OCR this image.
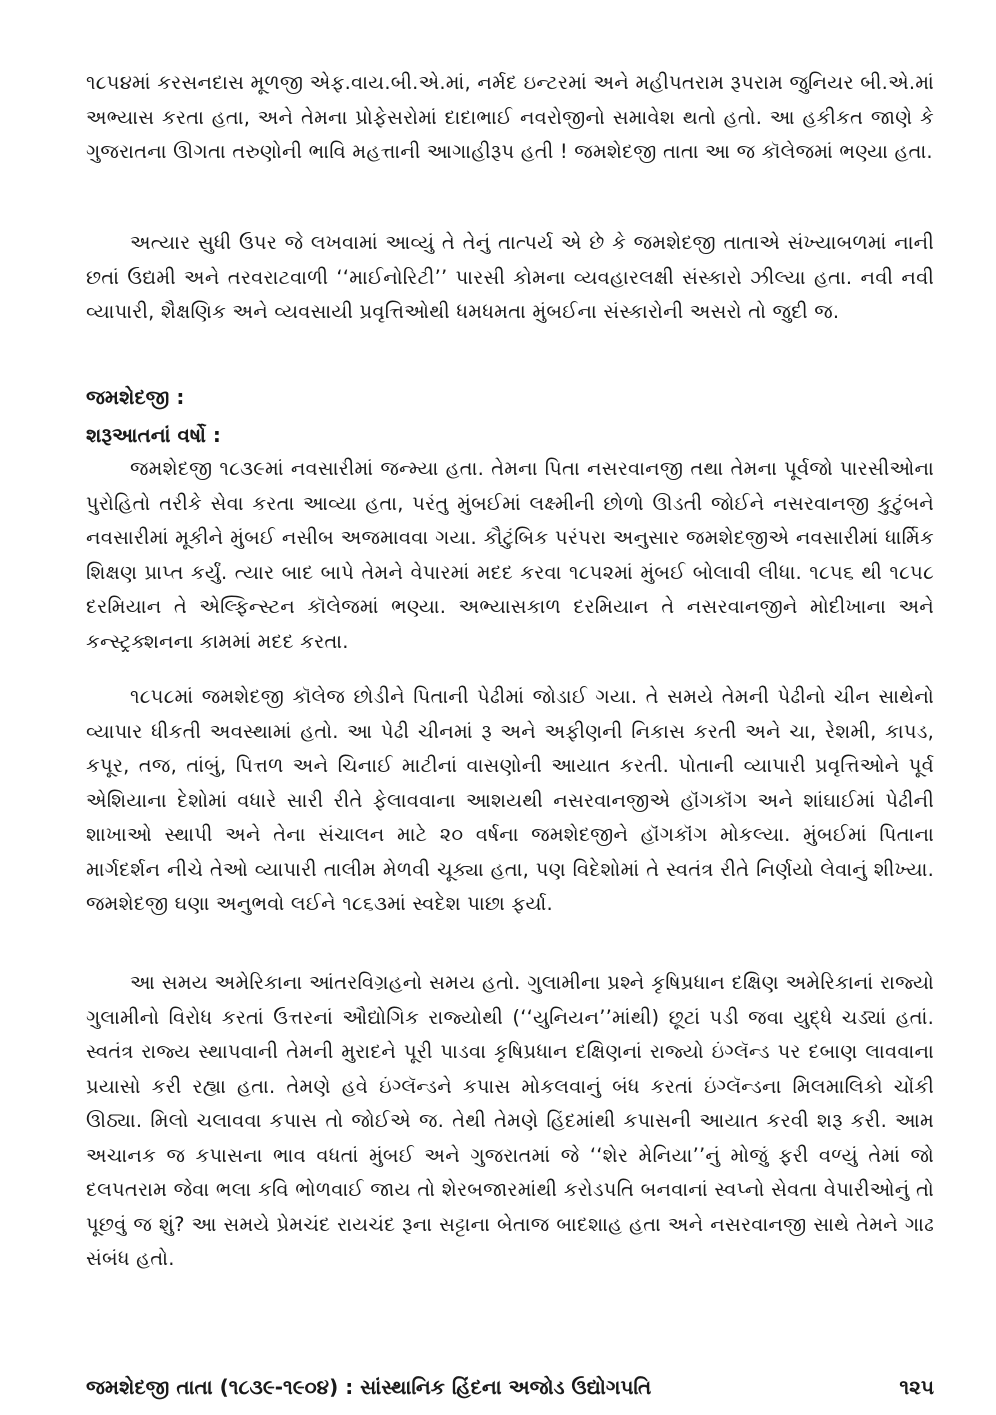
૧૮૫૪માં કરસનદાસ મૂળજી એફ.વાય.બી.એ.માં, નર્મદ ઇન્ટરમાં અને મહીપતરામ રૂપરામ જુનિયર બી.એ.માં અભ્યાસ કરતા હતા, અને તેમના પ્રોફેસરોમાં દાદાભાઈ નવરોજીનો સમાવેશ થતો હતો. આ હકીકત જાણે કે ગુજરાતના ઊગતા તરુણોની ભાવિ મહત્તાની આગાહીરૂપ હતી ! જમશેદજી તાતા આ જ કૉલેજમાં ભણ્યા હતા.

અત્યાર સુધી ઉપર જે લખવામાં આવ્યું તે તેનું તાત્પર્ય એ છે કે જમશેદજી તાતાએ સંખ્યાબળમાં નાની છતાં ઉદ્યમી અને તરવરાટવાળી ‘‘માઈનોરિટી’’ પારસી કોમના વ્યવહારલક્ષી સંસ્કારો ઝીલ્યા હતા. નવી નવી વ્યાપારી, શૈક્ષણિક અને વ્યવસાયી પ્રવૃત્તિઓથી ધમધમતા મુંબઈના સંસ્કારોની અસરો તો જુદી જ.

જમશેદજી :
શરૂઆતનાં વર્ષો :

જમશેદજી ૧૮૩૯માં નવસારીમાં જન્મ્યા હતા. તેમના પિતા નસરવાનજી તથા તેમના પૂર્વજો પારસીઓના પુરોહિતો તરીકે સેવા કરતા આવ્યા હતા, પરંતુ મુંબઈમાં લક્ષ્મીની છોળો ઊડતી જોઈને નસરવાનજી કુટુંબને નવસારીમાં મૂકીને મુંબઈ નસીબ અજમાવવા ગયા. કૌટુંબિક પરંપરા અનુસાર જમશેદજીએ નવસારીમાં ધાર્મિક શિક્ષણ પ્રાપ્ત કર્યું. ત્યાર બાદ બાપે તેમને વેપારમાં મદદ કરવા ૧૮૫૨માં મુંબઈ બોલાવી લીધા. ૧૮૫૬ થી ૧૮૫૮ દરમિયાન તે એલ્ફિન્સ્ટન કૉલેજમાં ભણ્યા. અભ્યાસકાળ દરમિયાન તે નસરવાનજીને મોદીખાના અને કન્સ્ટ્રક્શનના કામમાં મદદ કરતા.

૧૮૫૮માં જમશેદજી કૉલેજ છોડીને પિતાની પેઢીમાં જોડાઈ ગયા. તે સમયે તેમની પેઢીનો ચીન સાથેનો વ્યાપાર ધીકતી અવસ્થામાં હતો. આ પેઢી ચીનમાં રૂ અને અફીણની નિકાસ કરતી અને ચા, રેશમી, કાપડ, કપૂર, તજ, તાંબું, પિત્તળ અને ચિનાઈ માટીનાં વાસણોની આયાત કરતી. પોતાની વ્યાપારી પ્રવૃત્તિઓને પૂર્વ એશિયાના દેશોમાં વધારે સારી રીતે ફેલાવવાના આશયથી નસરવાનજીએ હૉંગકૉંગ અને શાંઘાઈમાં પેઢીની શાખાઓ સ્થાપી અને તેના સંચાલન માટે ૨૦ વર્ષના જમશેદજીને હૉંગકૉંગ મોકલ્યા. મુંબઈમાં પિતાના માર્ગદર્શન નીચે તેઓ વ્યાપારી તાલીમ મેળવી ચૂક્યા હતા, પણ વિદેશોમાં તે સ્વતંત્ર રીતે નિર્ણયો લેવાનું શીખ્યા. જમશેદજી ઘણા અનુભવો લઈને ૧૮૬૩માં સ્વદેશ પાછા ફર્યા.

આ સમય અમેરિકાના આંતરવિગ્રહનો સમય હતો. ગુલામીના પ્રશ્ને કૃષિપ્રધાન દક્ષિણ અમેરિકાનાં રાજ્યો ગુલામીનો વિરોધ કરતાં ઉત્તરનાં ઔદ્યોગિક રાજ્યોથી (‘‘યુનિયન’’માંથી) છૂટાં પડી જવા યુદ્ધે ચડ્યાં હતાં. સ્વતંત્ર રાજ્ય સ્થાપવાની તેમની મુરાદને પૂરી પાડવા કૃષિપ્રધાન દક્ષિણનાં રાજ્યો ઇંગ્લૅન્ડ પર દબાણ લાવવાના પ્રયાસો કરી રહ્યા હતા. તેમણે હવે ઇંગ્લૅન્ડને કપાસ મોકલવાનું બંધ કરતાં ઇંગ્લૅન્ડના મિલમાલિકો ચોંકી ઊઠ્યા. મિલો ચલાવવા કપાસ તો જોઈએ જ. તેથી તેમણે હિંદમાંથી કપાસની આયાત કરવી શરૂ કરી. આમ અચાનક જ કપાસના ભાવ વધતાં મુંબઈ અને ગુજરાતમાં જે ‘‘શેર મેનિયા’’નું મોજું ફરી વળ્યું તેમાં જો દલપતરામ જેવા ભલા કવિ ભોળવાઈ જાય તો શેરબજારમાંથી કરોડપતિ બનવાનાં સ્વપ્નો સેવતા વેપારીઓનું તો પૂછવું જ શું? આ સમયે પ્રેમચંદ રાયચંદ રૂના સટ્ટાના બેતાજ બાદશાહ હતા અને નસરવાનજી સાથે તેમને ગાઢ સંબંધ હતો.

જમશેદજી તાતા (૧૮૩૯-૧૯૦૪) : સાંસ્થાનિક હિંદના અજોડ ઉદ્યોગપતિ	૧૨૫
